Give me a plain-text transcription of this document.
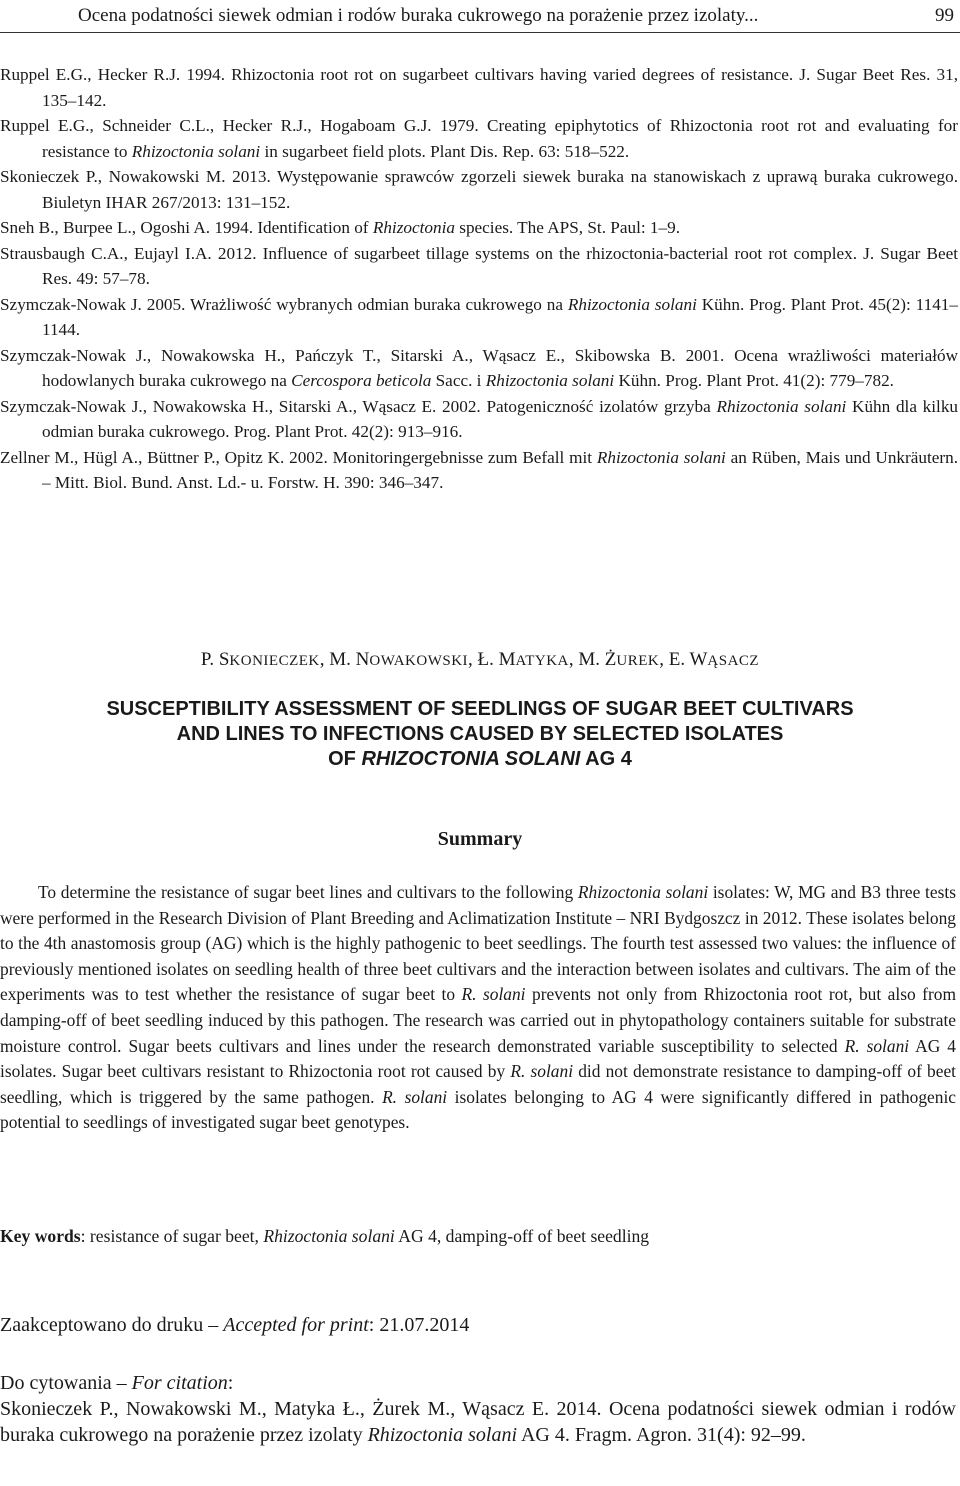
Ocena podatności siewek odmian i rodów buraka cukrowego na porażenie przez izolaty...	99

Ruppel E.G., Hecker R.J. 1994. Rhizoctonia root rot on sugarbeet cultivars having varied degrees of resistance. J. Sugar Beet Res. 31, 135–142.

Ruppel E.G., Schneider C.L., Hecker R.J., Hogaboam G.J. 1979. Creating epiphytotics of Rhizoctonia root rot and evaluating for resistance to Rhizoctonia solani in sugarbeet field plots. Plant Dis. Rep. 63: 518–522.

Skonieczek P., Nowakowski M. 2013. Występowanie sprawców zgorzeli siewek buraka na stanowiskach z uprawą buraka cukrowego. Biuletyn IHAR 267/2013: 131–152.

Sneh B., Burpee L., Ogoshi A. 1994. Identification of Rhizoctonia species. The APS, St. Paul: 1–9.

Strausbaugh C.A., Eujayl I.A. 2012. Influence of sugarbeet tillage systems on the rhizoctonia-bacterial root rot complex. J. Sugar Beet Res. 49: 57–78.

Szymczak-Nowak J. 2005. Wrażliwość wybranych odmian buraka cukrowego na Rhizoctonia solani Kühn. Prog. Plant Prot. 45(2): 1141–1144.

Szymczak-Nowak J., Nowakowska H., Pańczyk T., Sitarski A., Wąsacz E., Skibowska B. 2001. Ocena wrażliwości materiałów hodowlanych buraka cukrowego na Cercospora beticola Sacc. i Rhizoctonia solani Kühn. Prog. Plant Prot. 41(2): 779–782.

Szymczak-Nowak J., Nowakowska H., Sitarski A., Wąsacz E. 2002. Patogeniczność izolatów grzyba Rhizoctonia solani Kühn dla kilku odmian buraka cukrowego. Prog. Plant Prot. 42(2): 913–916.

Zellner M., Hügl A., Büttner P., Opitz K. 2002. Monitoringergebnisse zum Befall mit Rhizoctonia solani an Rüben, Mais und Unkräutern. – Mitt. Biol. Bund. Anst. Ld.- u. Forstw. H. 390: 346–347.

P. SKONIECZEK, M. NOWAKOWSKI, Ł. MATYKA, M. ŻUREK, E. WĄSACZ
SUSCEPTIBILITY ASSESSMENT OF SEEDLINGS OF SUGAR BEET CULTIVARS
AND LINES TO INFECTIONS CAUSED BY SELECTED ISOLATES
OF RHIZOCTONIA SOLANI AG 4
Summary

To determine the resistance of sugar beet lines and cultivars to the following Rhizoctonia solani isolates: W, MG and B3 three tests were performed in the Research Division of Plant Breeding and Aclimatization Institute – NRI Bydgoszcz in 2012. These isolates belong to the 4th anastomosis group (AG) which is the highly pathogenic to beet seedlings. The fourth test assessed two values: the influence of previously mentioned isolates on seedling health of three beet cultivars and the interaction between isolates and cultivars. The aim of the experiments was to test whether the resistance of sugar beet to R. solani prevents not only from Rhizoctonia root rot, but also from damping-off of beet seedling induced by this pathogen. The research was carried out in phytopathology containers suitable for substrate moisture control. Sugar beets cultivars and lines under the research demonstrated variable susceptibility to selected R. solani AG 4 isolates. Sugar beet cultivars resistant to Rhizoctonia root rot caused by R. solani did not demonstrate resistance to damping-off of beet seedling, which is triggered by the same pathogen. R. solani isolates belonging to AG 4 were significantly differed in pathogenic potential to seedlings of investigated sugar beet genotypes.

Key words: resistance of sugar beet, Rhizoctonia solani AG 4, damping-off of beet seedling
Zaakceptowano do druku – Accepted for print: 21.07.2014

Do cytowania – For citation:

Skonieczek P., Nowakowski M., Matyka Ł., Żurek M., Wąsacz E. 2014. Ocena podatności siewek odmian i rodów buraka cukrowego na porażenie przez izolaty Rhizoctonia solani AG 4. Fragm. Agron. 31(4): 92–99.
